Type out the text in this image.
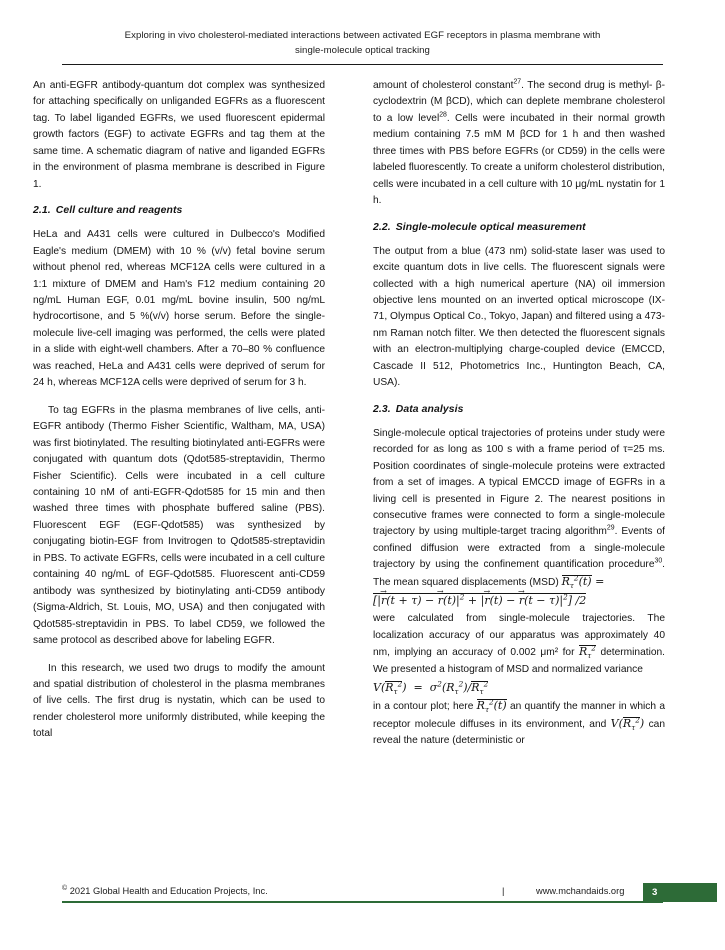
Exploring in vivo cholesterol-mediated interactions between activated EGF receptors in plasma membrane with
single-molecule optical tracking

An anti-EGFR antibody-quantum dot complex was synthesized for attaching specifically on unliganded EGFRs as a fluorescent tag. To label liganded EGFRs, we used fluorescent epidermal growth factors (EGF) to activate EGFRs and tag them at the same time. A schematic diagram of native and liganded EGFRs in the environment of plasma membrane is described in Figure 1.

2.1. Cell culture and reagents

HeLa and A431 cells were cultured in Dulbecco's Modified Eagle's medium (DMEM) with 10 % (v/v) fetal bovine serum without phenol red, whereas MCF12A cells were cultured in a 1:1 mixture of DMEM and Ham's F12 medium containing 20 ng/mL Human EGF, 0.01 mg/mL bovine insulin, 500 ng/mL hydrocortisone, and 5 %(v/v) horse serum. Before the single-molecule live-cell imaging was performed, the cells were plated in a slide with eight-well chambers. After a 70–80 % confluence was reached, HeLa and A431 cells were deprived of serum for 24 h, whereas MCF12A cells were deprived of serum for 3 h.

To tag EGFRs in the plasma membranes of live cells, anti-EGFR antibody (Thermo Fisher Scientific, Waltham, MA, USA) was first biotinylated. The resulting biotinylated anti-EGFRs were conjugated with quantum dots (Qdot585-streptavidin, Thermo Fisher Scientific). Cells were incubated in a cell culture containing 10 nM of anti-EGFR-Qdot585 for 15 min and then washed three times with phosphate buffered saline (PBS). Fluorescent EGF (EGF-Qdot585) was synthesized by conjugating biotin-EGF from Invitrogen to Qdot585-streptavidin in PBS. To activate EGFRs, cells were incubated in a cell culture containing 40 ng/mL of EGF-Qdot585. Fluorescent anti-CD59 antibody was synthesized by biotinylating anti-CD59 antibody (Sigma-Aldrich, St. Louis, MO, USA) and then conjugated with Qdot585-streptavidin in PBS. To label CD59, we followed the same protocol as described above for labeling EGFR.

In this research, we used two drugs to modify the amount and spatial distribution of cholesterol in the plasma membranes of live cells. The first drug is nystatin, which can be used to render cholesterol more uniformly distributed, while keeping the total

amount of cholesterol constant$^{27}$. The second drug is methyl- β-cyclodextrin (M βCD), which can deplete membrane cholesterol to a low level$^{28}$. Cells were incubated in their normal growth medium containing 7.5 mM M βCD for 1 h and then washed three times with PBS before EGFRs (or CD59) in the cells were labeled fluorescently. To create a uniform cholesterol distribution, cells were incubated in a cell culture with 10 μg/mL nystatin for 1 h.

2.2. Single-molecule optical measurement

The output from a blue (473 nm) solid-state laser was used to excite quantum dots in live cells. The fluorescent signals were collected with a high numerical aperture (NA) oil immersion objective lens mounted on an inverted optical microscope (IX-71, Olympus Optical Co., Tokyo, Japan) and filtered using a 473-nm Raman notch filter. We then detected the fluorescent signals with an electron-multiplying charge-coupled device (EMCCD, Cascade II 512, Photometrics Inc., Huntington Beach, CA, USA).

2.3. Data analysis

Single-molecule optical trajectories of proteins under study were recorded for as long as 100 s with a frame period of τ=25 ms. Position coordinates of single-molecule proteins were extracted from a set of images. A typical EMCCD image of EGFRs in a living cell is presented in Figure 2. The nearest positions in consecutive frames were connected to form a single-molecule trajectory by using multiple-target tracing algorithm$^{29}$. Events of confined diffusion were extracted from a single-molecule trajectory by using the confinement quantification procedure$^{30}$. The mean squared displacements (MSD) $R_\tau^2(t)$ =
[|→ r(t + τ) − → $r(t)|^2$ + |→ r(t) − → $r(t - \tau)|^2$] /2
were calculated from single-molecule trajectories. The localization accuracy of our apparatus was approximately 40 nm, implying an accuracy of 0.002 μm² for $R_\tau^2$ determination. We presented a histogram of MSD and normalized variance
$V(R_\tau^2) = \sigma^2(R_\tau^2)/R_\tau^2$
in a contour plot; here $R_\tau^2(t)$ an quantify the manner in which a receptor molecule diffuses in its environment, and $V(R_\tau^2)$ can reveal the nature (deterministic or

© 2021 Global Health and Education Projects, Inc.	|	www.mchandaids.org	3
